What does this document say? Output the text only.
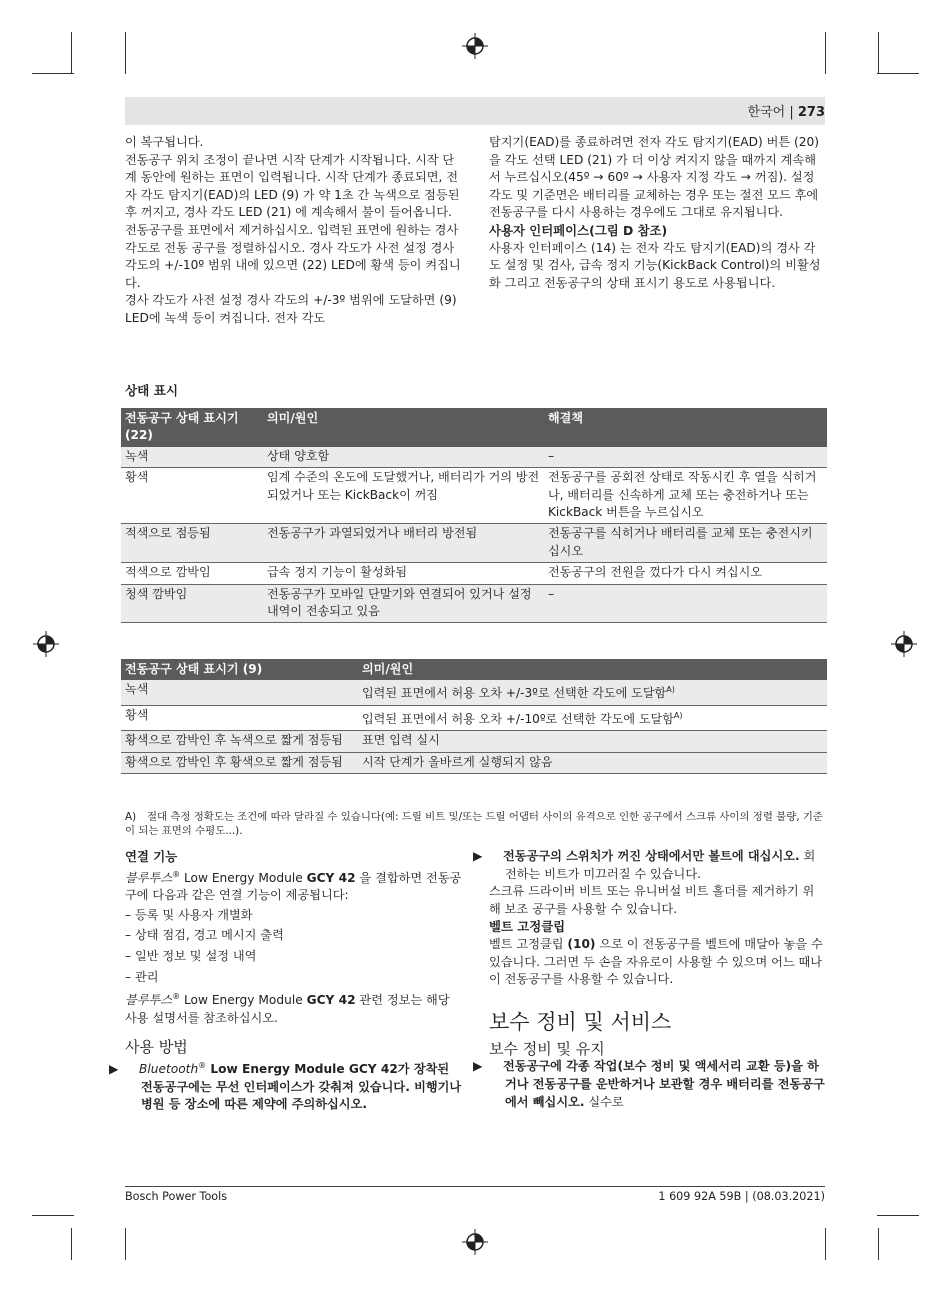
한국어 | 273

이 복구됩니다.

전동공구 위치 조정이 끝나면 시작 단계가 시작됩니다. 시작 단계 동안에 원하는 표면이 입력됩니다. 시작 단계가 종료되면, 전자 각도 탐지기(EAD)의 LED (9) 가 약 1초 간 녹색으로 점등된 후 꺼지고, 경사 각도 LED (21) 에 계속해서 불이 들어옵니다.

전동공구를 표면에서 제거하십시오. 입력된 표면에 원하는 경사 각도로 전동 공구를 정렬하십시오. 경사 각도가 사전 설정 경사 각도의 +/-10º 범위 내에 있으면 (22) LED에 황색 등이 켜집니다.

경사 각도가 사전 설정 경사 각도의 +/-3º 범위에 도달하면 (9) LED에 녹색 등이 켜집니다. 전자 각도

탐지기(EAD)를 종료하려면 전자 각도 탐지기(EAD) 버튼 (20) 을 각도 선택 LED (21) 가 더 이상 켜지지 않을 때까지 계속해서 누르십시오(45º → 60º → 사용자 지정 각도 → 꺼짐). 설정 각도 및 기준면은 배터리를 교체하는 경우 또는 절전 모드 후에 전동공구를 다시 사용하는 경우에도 그대로 유지됩니다.

사용자 인터페이스(그림 D 참조)

사용자 인터페이스 (14) 는 전자 각도 탐지기(EAD)의 경사 각도 설정 및 검사, 급속 정지 기능(KickBack Control)의 비활성화 그리고 전동공구의 상태 표시기 용도로 사용됩니다.

상태 표시
전동공구 상태 표시기 (22)	의미/원인	해결책
녹색	상태 양호함	–
황색	임계 수준의 온도에 도달했거나, 배터리가 거의 방전되었거나 또는 KickBack이 꺼짐	전동공구를 공회전 상태로 작동시킨 후 열을 식히거나, 배터리를 신속하게 교체 또는 충전하거나 또는 KickBack 버튼을 누르십시오
적색으로 점등됨	전동공구가 과열되었거나 배터리 방전됨	전동공구를 식히거나 배터리를 교체 또는 충전시키십시오
적색으로 깜박임	급속 정지 기능이 활성화됨	전동공구의 전원을 껐다가 다시 켜십시오
청색 깜박임	전동공구가 모바일 단말기와 연결되어 있거나 설정 내역이 전송되고 있음	–
전동공구 상태 표시기 (9)	의미/원인
녹색	입력된 표면에서 허용 오차 +/-3º로 선택한 각도에 도달함$^{A)}$
황색	입력된 표면에서 허용 오차 +/-10º로 선택한 각도에 도달함$^{A)}$
황색으로 깜박인 후 녹색으로 짧게 점등됨	표면 입력 실시
황색으로 깜박인 후 황색으로 짧게 점등됨	시작 단계가 올바르게 실행되지 않음
A) 절대 측정 정확도는 조건에 따라 달라질 수 있습니다(예: 드릴 비트 및/또는 드릴 어댑터 사이의 유격으로 인한 공구에서 스크류 사이의 정렬 불량, 기준이 되는 표면의 수평도...).

연결 기능

블루투스® Low Energy Module GCY 42 을 결합하면 전동공구에 다음과 같은 연결 기능이 제공됩니다:

– 등록 및 사용자 개별화

– 상태 점검, 경고 메시지 출력

– 일반 정보 및 설정 내역

– 관리

블루투스® Low Energy Module GCY 42 관련 정보는 해당 사용 설명서를 참조하십시오.

사용 방법

▶ Bluetooth® Low Energy Module GCY 42가 장착된 전동공구에는 무선 인터페이스가 갖춰져 있습니다. 비행기나 병원 등 장소에 따른 제약에 주의하십시오.

▶ 전동공구의 스위치가 꺼진 상태에서만 볼트에 대십시오. 회전하는 비트가 미끄러질 수 있습니다.

스크류 드라이버 비트 또는 유니버설 비트 홀더를 제거하기 위해 보조 공구를 사용할 수 있습니다.

벨트 고정클립

벨트 고정클립 (10) 으로 이 전동공구를 벨트에 매달아 놓을 수 있습니다. 그러면 두 손을 자유로이 사용할 수 있으며 어느 때나 이 전동공구를 사용할 수 있습니다.

보수 정비 및 서비스

보수 정비 및 유지

▶ 전동공구에 각종 작업(보수 정비 및 액세서리 교환 등)을 하거나 전동공구를 운반하거나 보관할 경우 배터리를 전동공구에서 빼십시오. 실수로

Bosch Power Tools	1 609 92A 59B | (08.03.2021)
